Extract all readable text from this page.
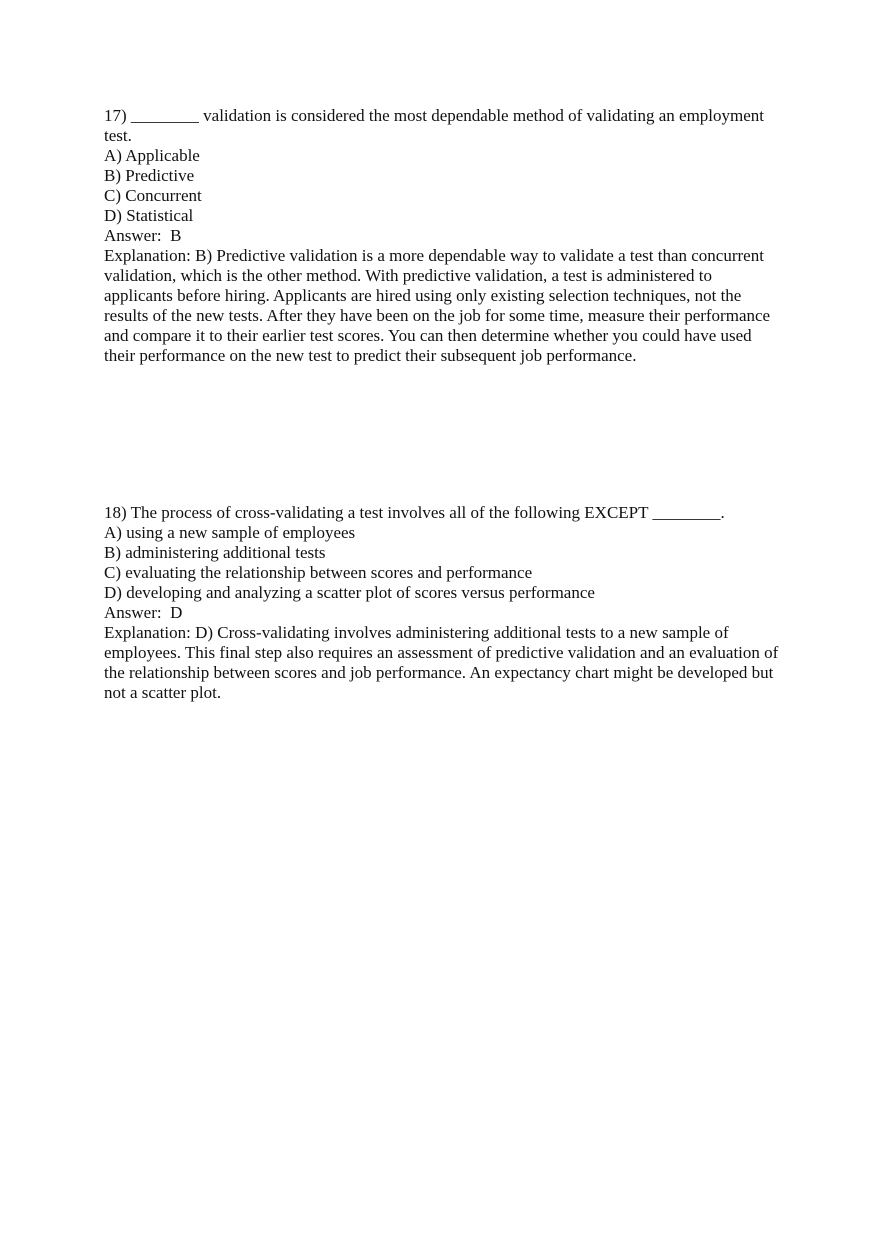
17) ________ validation is considered the most dependable method of validating an employment test.
A) Applicable
B) Predictive
C) Concurrent
D) Statistical
Answer:  B
Explanation: B) Predictive validation is a more dependable way to validate a test than concurrent validation, which is the other method. With predictive validation, a test is administered to applicants before hiring. Applicants are hired using only existing selection techniques, not the results of the new tests. After they have been on the job for some time, measure their performance and compare it to their earlier test scores. You can then determine whether you could have used their performance on the new test to predict their subsequent job performance.
18) The process of cross-validating a test involves all of the following EXCEPT ________.
A) using a new sample of employees
B) administering additional tests
C) evaluating the relationship between scores and performance
D) developing and analyzing a scatter plot of scores versus performance
Answer:  D
Explanation: D) Cross-validating involves administering additional tests to a new sample of employees. This final step also requires an assessment of predictive validation and an evaluation of the relationship between scores and job performance. An expectancy chart might be developed but not a scatter plot.
